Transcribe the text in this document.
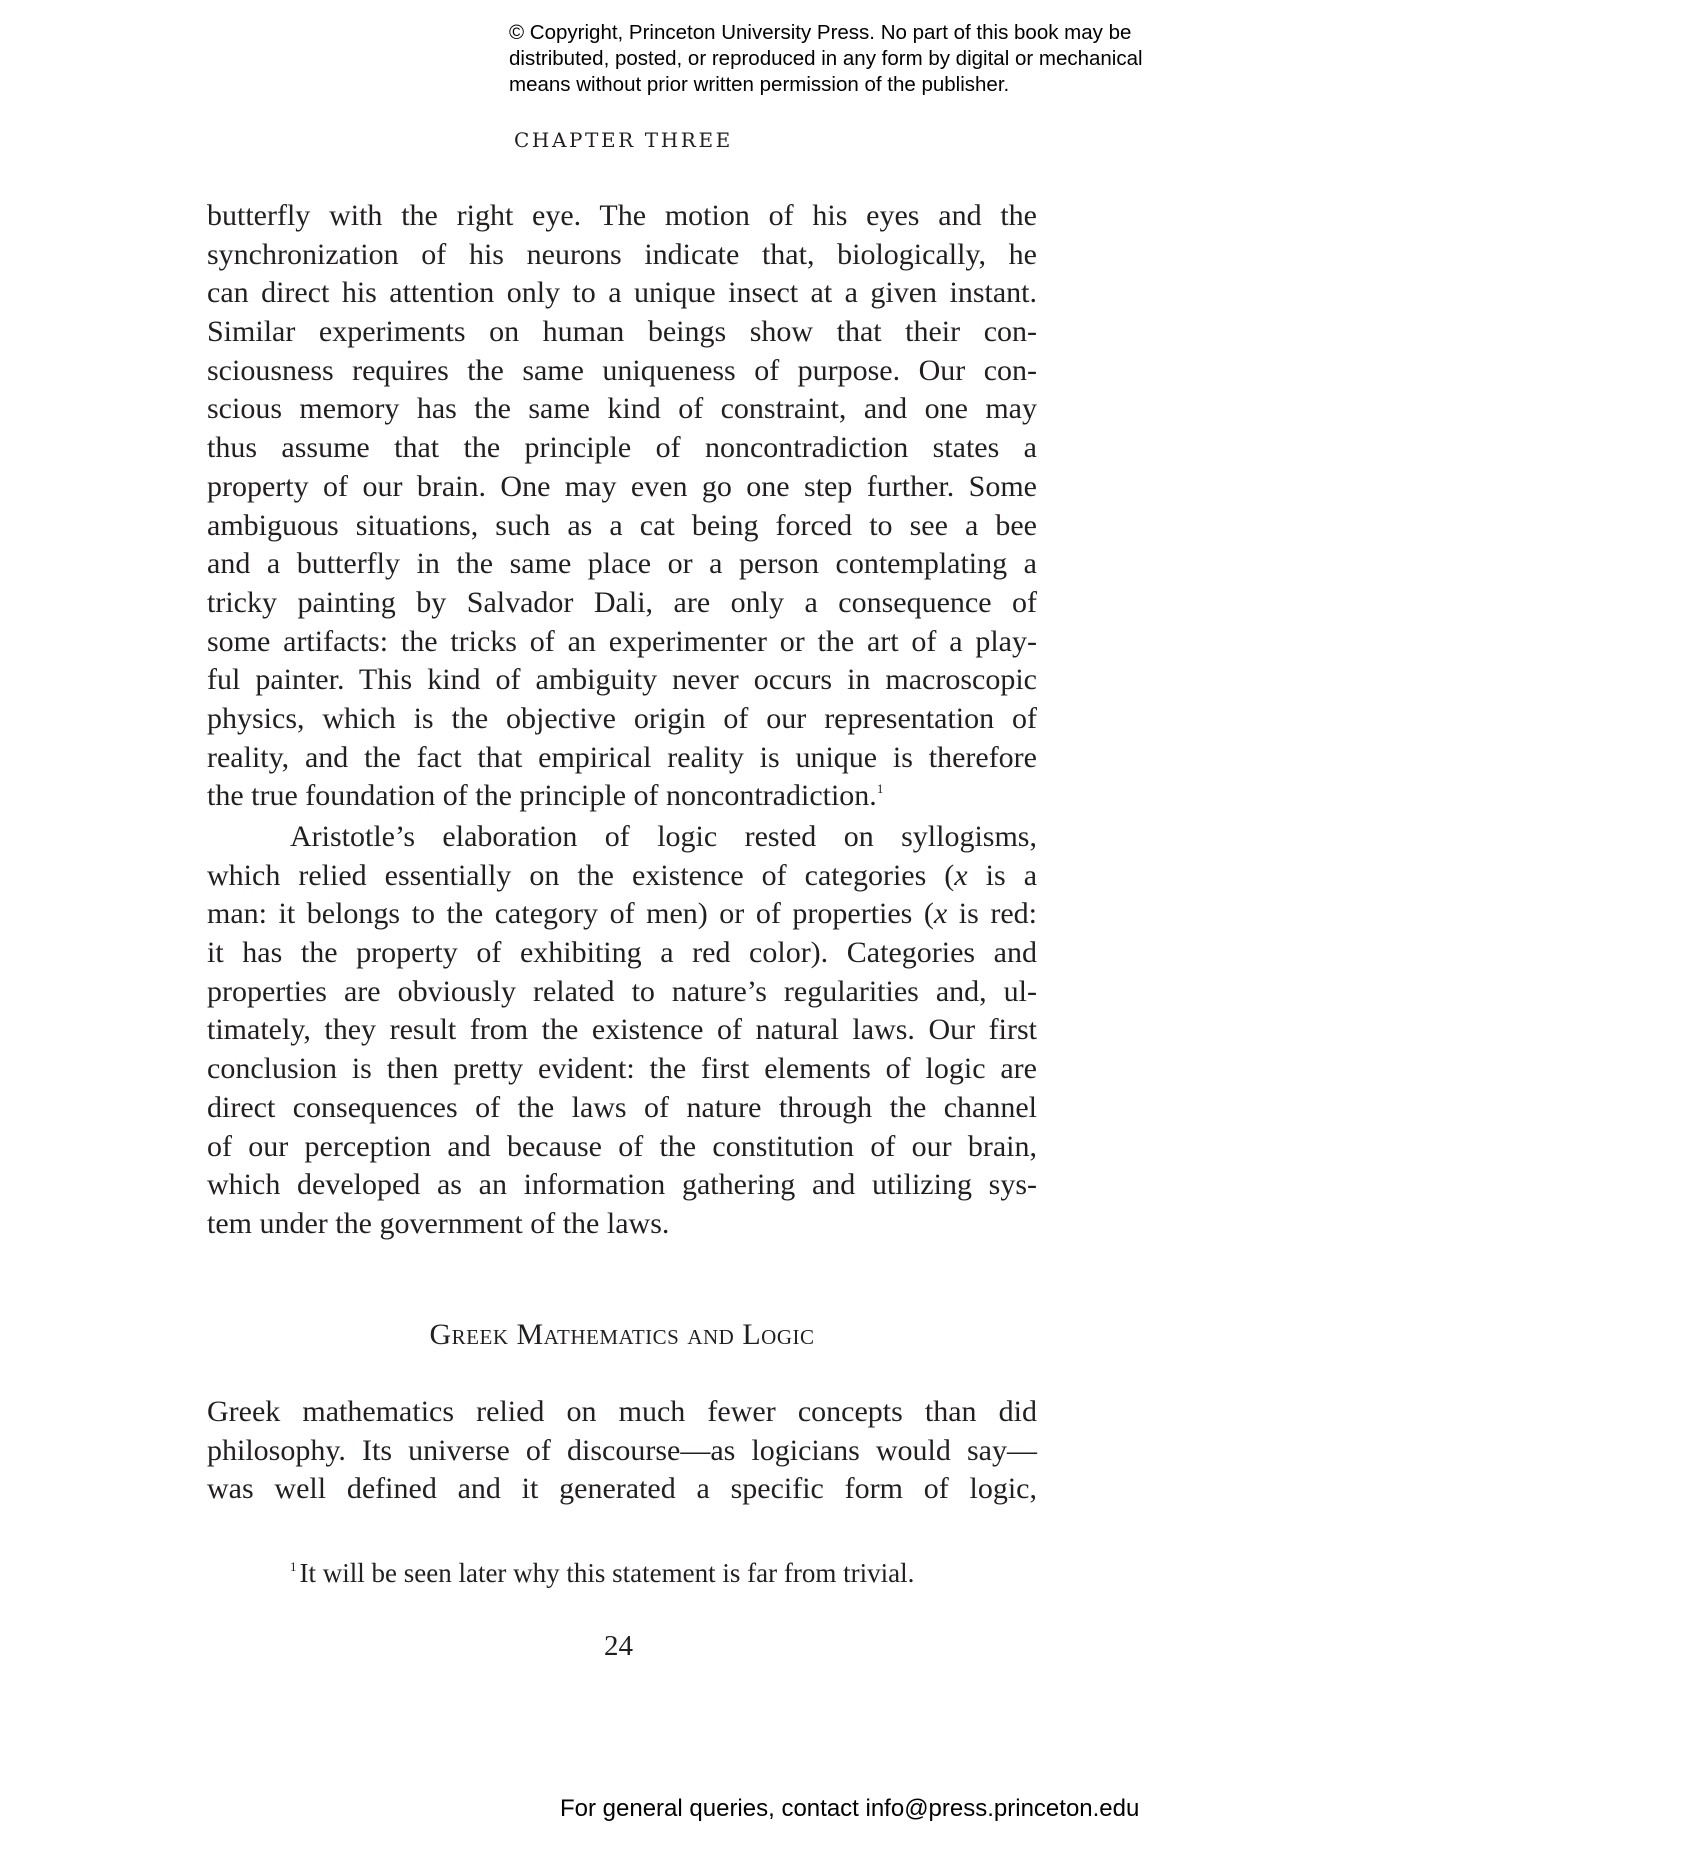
© Copyright, Princeton University Press. No part of this book may be
distributed, posted, or reproduced in any form by digital or mechanical
means without prior written permission of the publisher.
CHAPTER THREE
butterfly with the right eye. The motion of his eyes and the
synchronization of his neurons indicate that, biologically, he
can direct his attention only to a unique insect at a given instant.
Similar experiments on human beings show that their con-
sciousness requires the same uniqueness of purpose. Our con-
scious memory has the same kind of constraint, and one may
thus assume that the principle of noncontradiction states a
property of our brain. One may even go one step further. Some
ambiguous situations, such as a cat being forced to see a bee
and a butterfly in the same place or a person contemplating a
tricky painting by Salvador Dali, are only a consequence of
some artifacts: the tricks of an experimenter or the art of a play-
ful painter. This kind of ambiguity never occurs in macroscopic
physics, which is the objective origin of our representation of
reality, and the fact that empirical reality is unique is therefore
the true foundation of the principle of noncontradiction.$^1$
Aristotle’s elaboration of logic rested on syllogisms,
which relied essentially on the existence of categories (x is a
man: it belongs to the category of men) or of properties (x is red:
it has the property of exhibiting a red color). Categories and
properties are obviously related to nature’s regularities and, ul-
timately, they result from the existence of natural laws. Our first
conclusion is then pretty evident: the first elements of logic are
direct consequences of the laws of nature through the channel
of our perception and because of the constitution of our brain,
which developed as an information gathering and utilizing sys-
tem under the government of the laws.
Greek Mathematics and Logic
Greek mathematics relied on much fewer concepts than did
philosophy. Its universe of discourse—as logicians would say—
was well defined and it generated a specific form of logic,
$^1$ It will be seen later why this statement is far from trivial.
24
For general queries, contact info@press.princeton.edu
